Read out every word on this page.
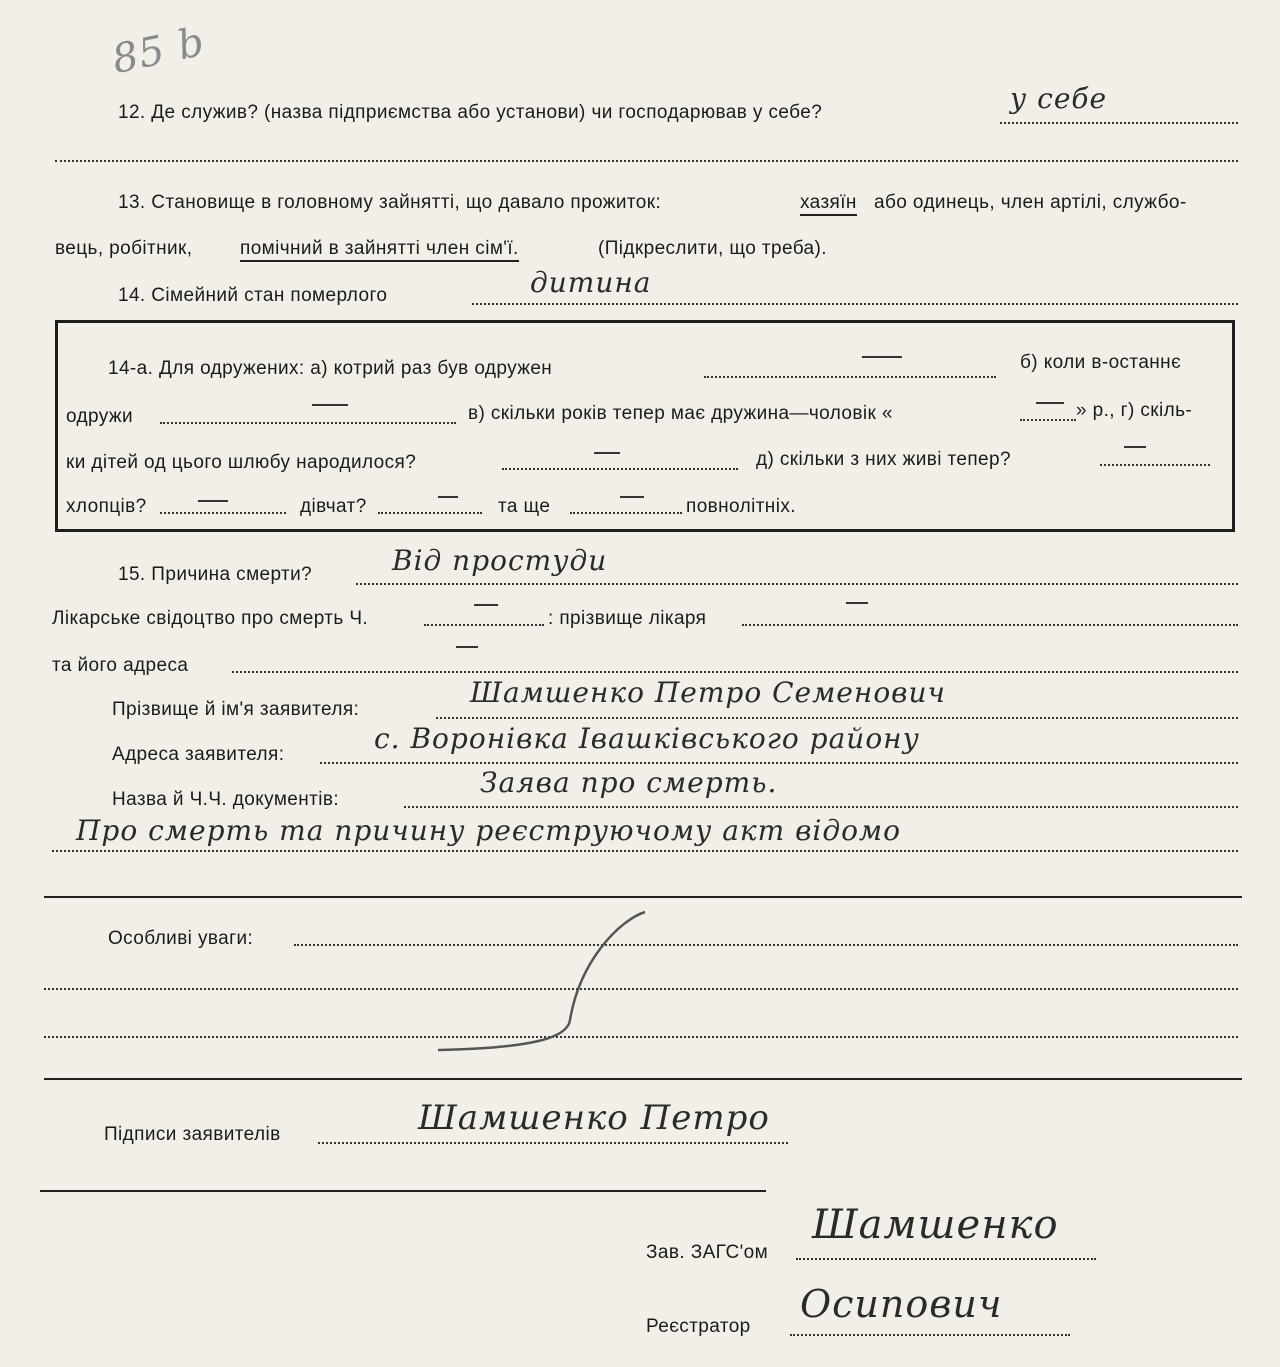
85 b
12. Де служив? (назва підприємства або установи) чи господарював у себе?	у себе
13. Становище в головному зайнятті, що давало прожиток:	хазяїн або одинець, член артілі, службо-
вець, робітник,	помічний в зайнятті член сім'ї.	(Підкреслити, що треба).
14. Сімейний стан померлого	дитина
14-а. Для одружених: а) котрий раз був одружен	б) коли в-останнє
одружи	в) скільки років тепер має дружина—чоловік «	» р., г) скіль-
ки дітей од цього шлюбу народилося?	д) скільки з них живі тепер?
хлопців?	дівчат?	та ще	повнолітніх.
15. Причина смерти?	Від простуди
Лікарське свідоцтво про смерть Ч.	: прізвище лікаря
та його адреса
Прізвище й ім'я заявителя:
Шамшенко Петро Семенович
Адреса заявителя:	с. Воронівка Івашківського району
Назва й Ч.Ч. документів:
Заява про смерть.
Про смерть та причину реєструючому акт відомо
Особливі уваги:
Підписи заявителів	Шамшенко Петро
Зав. ЗАГС'ом
Шамшенко
Реєстратор
Осипович
